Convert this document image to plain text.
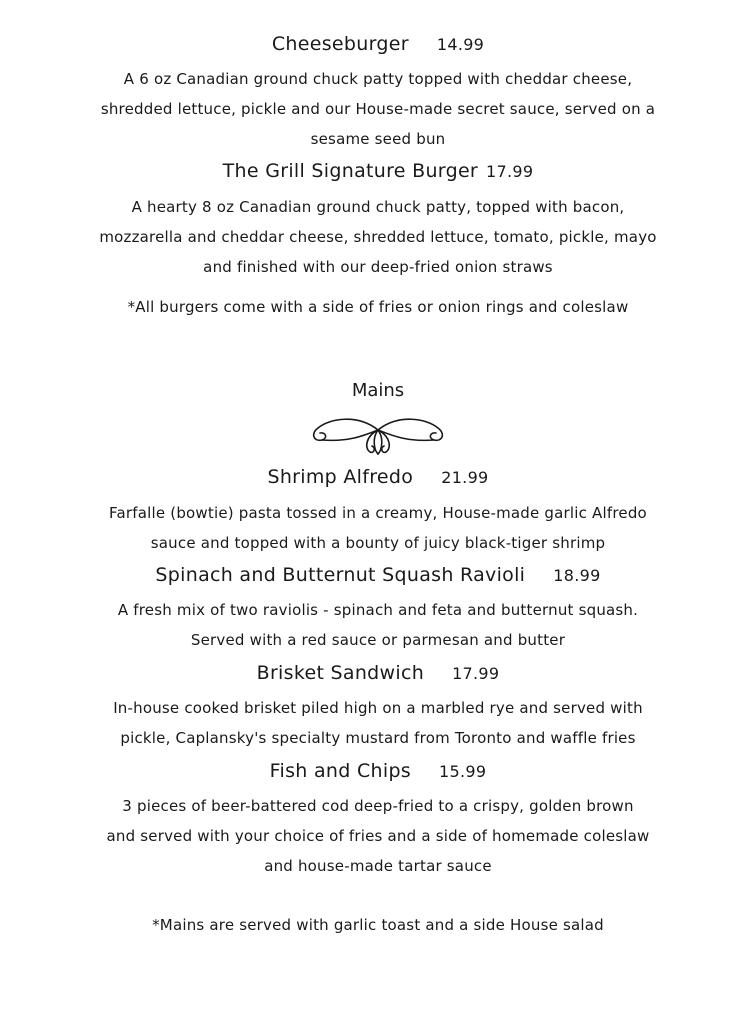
Cheeseburger 14.99
A 6 oz Canadian ground chuck patty topped with cheddar cheese,
shredded lettuce, pickle and our House-made secret sauce, served on a
sesame seed bun
The Grill Signature Burger 17.99
A hearty 8 oz Canadian ground chuck patty, topped with bacon,
mozzarella and cheddar cheese, shredded lettuce, tomato, pickle, mayo
and finished with our deep-fried onion straws
*All burgers come with a side of fries or onion rings and coleslaw
Mains
Shrimp Alfredo 21.99
Farfalle (bowtie) pasta tossed in a creamy, House-made garlic Alfredo
sauce and topped with a bounty of juicy black-tiger shrimp
Spinach and Butternut Squash Ravioli 18.99
A fresh mix of two raviolis - spinach and feta and butternut squash.
Served with a red sauce or parmesan and butter
Brisket Sandwich 17.99
In-house cooked brisket piled high on a marbled rye and served with
pickle, Caplansky's specialty mustard from Toronto and waffle fries
Fish and Chips 15.99
3 pieces of beer-battered cod deep-fried to a crispy, golden brown
and served with your choice of fries and a side of homemade coleslaw
and house-made tartar sauce
*Mains are served with garlic toast and a side House salad
